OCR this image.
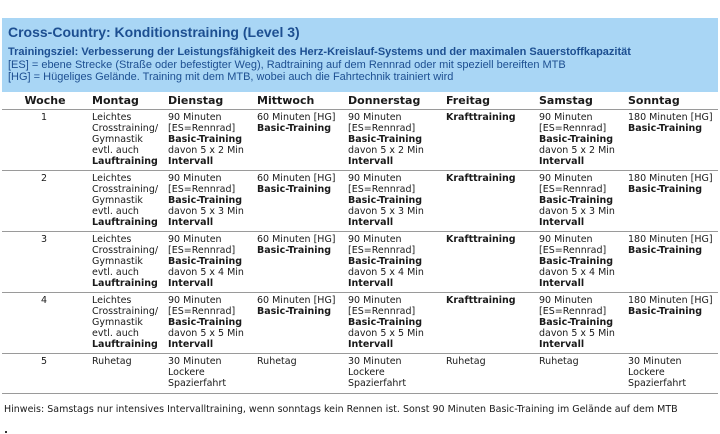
Cross-Country: Konditionstraining (Level 3)
Trainingsziel: Verbesserung der Leistungsfähigkeit des Herz-Kreislauf-Systems und der maximalen Sauerstoffkapazität
[ES] = ebene Strecke (Straße oder befestigter Weg), Radtraining auf dem Rennrad oder mit speziell bereiften MTB
[HG] = Hügeliges Gelände. Training mit dem MTB, wobei auch die Fahrtechnik trainiert wird
Woche	Montag	Dienstag	Mittwoch	Donnerstag	Freitag	Samstag	Sonntag
1	Leichtes
Crosstraining/
Gymnastik
evtl. auch
Lauftraining	90 Minuten
[ES=Rennrad]
Basic-Training
davon 5 x 2 Min
Intervall	60 Minuten [HG]
Basic-Training	90 Minuten
[ES=Rennrad]
Basic-Training
davon 5 x 2 Min
Intervall	Krafttraining	90 Minuten
[ES=Rennrad]
Basic-Training
davon 5 x 2 Min
Intervall	180 Minuten [HG]
Basic-Training

2	Leichtes
Crosstraining/
Gymnastik
evtl. auch
Lauftraining	90 Minuten
[ES=Rennrad]
Basic-Training
davon 5 x 3 Min
Intervall	60 Minuten [HG]
Basic-Training	90 Minuten
[ES=Rennrad]
Basic-Training
davon 5 x 3 Min
Intervall	Krafttraining	90 Minuten
[ES=Rennrad]
Basic-Training
davon 5 x 3 Min
Intervall	180 Minuten [HG]
Basic-Training

3	Leichtes
Crosstraining/
Gymnastik
evtl. auch
Lauftraining	90 Minuten
[ES=Rennrad]
Basic-Training
davon 5 x 4 Min
Intervall	60 Minuten [HG]
Basic-Training	90 Minuten
[ES=Rennrad]
Basic-Training
davon 5 x 4 Min
Intervall	Krafttraining	90 Minuten
[ES=Rennrad]
Basic-Training
davon 5 x 4 Min
Intervall	180 Minuten [HG]
Basic-Training

4	Leichtes
Crosstraining/
Gymnastik
evtl. auch
Lauftraining	90 Minuten
[ES=Rennrad]
Basic-Training
davon 5 x 5 Min
Intervall	60 Minuten [HG]
Basic-Training	90 Minuten
[ES=Rennrad]
Basic-Training
davon 5 x 5 Min
Intervall	Krafttraining	90 Minuten
[ES=Rennrad]
Basic-Training
davon 5 x 5 Min
Intervall	180 Minuten [HG]
Basic-Training

5	Ruhetag	30 Minuten
Lockere
Spazierfahrt	Ruhetag	30 Minuten
Lockere
Spazierfahrt	Ruhetag	Ruhetag	30 Minuten
Lockere
Spazierfahrt
Hinweis: Samstags nur intensives Intervalltraining, wenn sonntags kein Rennen ist. Sonst 90 Minuten Basic-Training im Gelände auf dem MTB
